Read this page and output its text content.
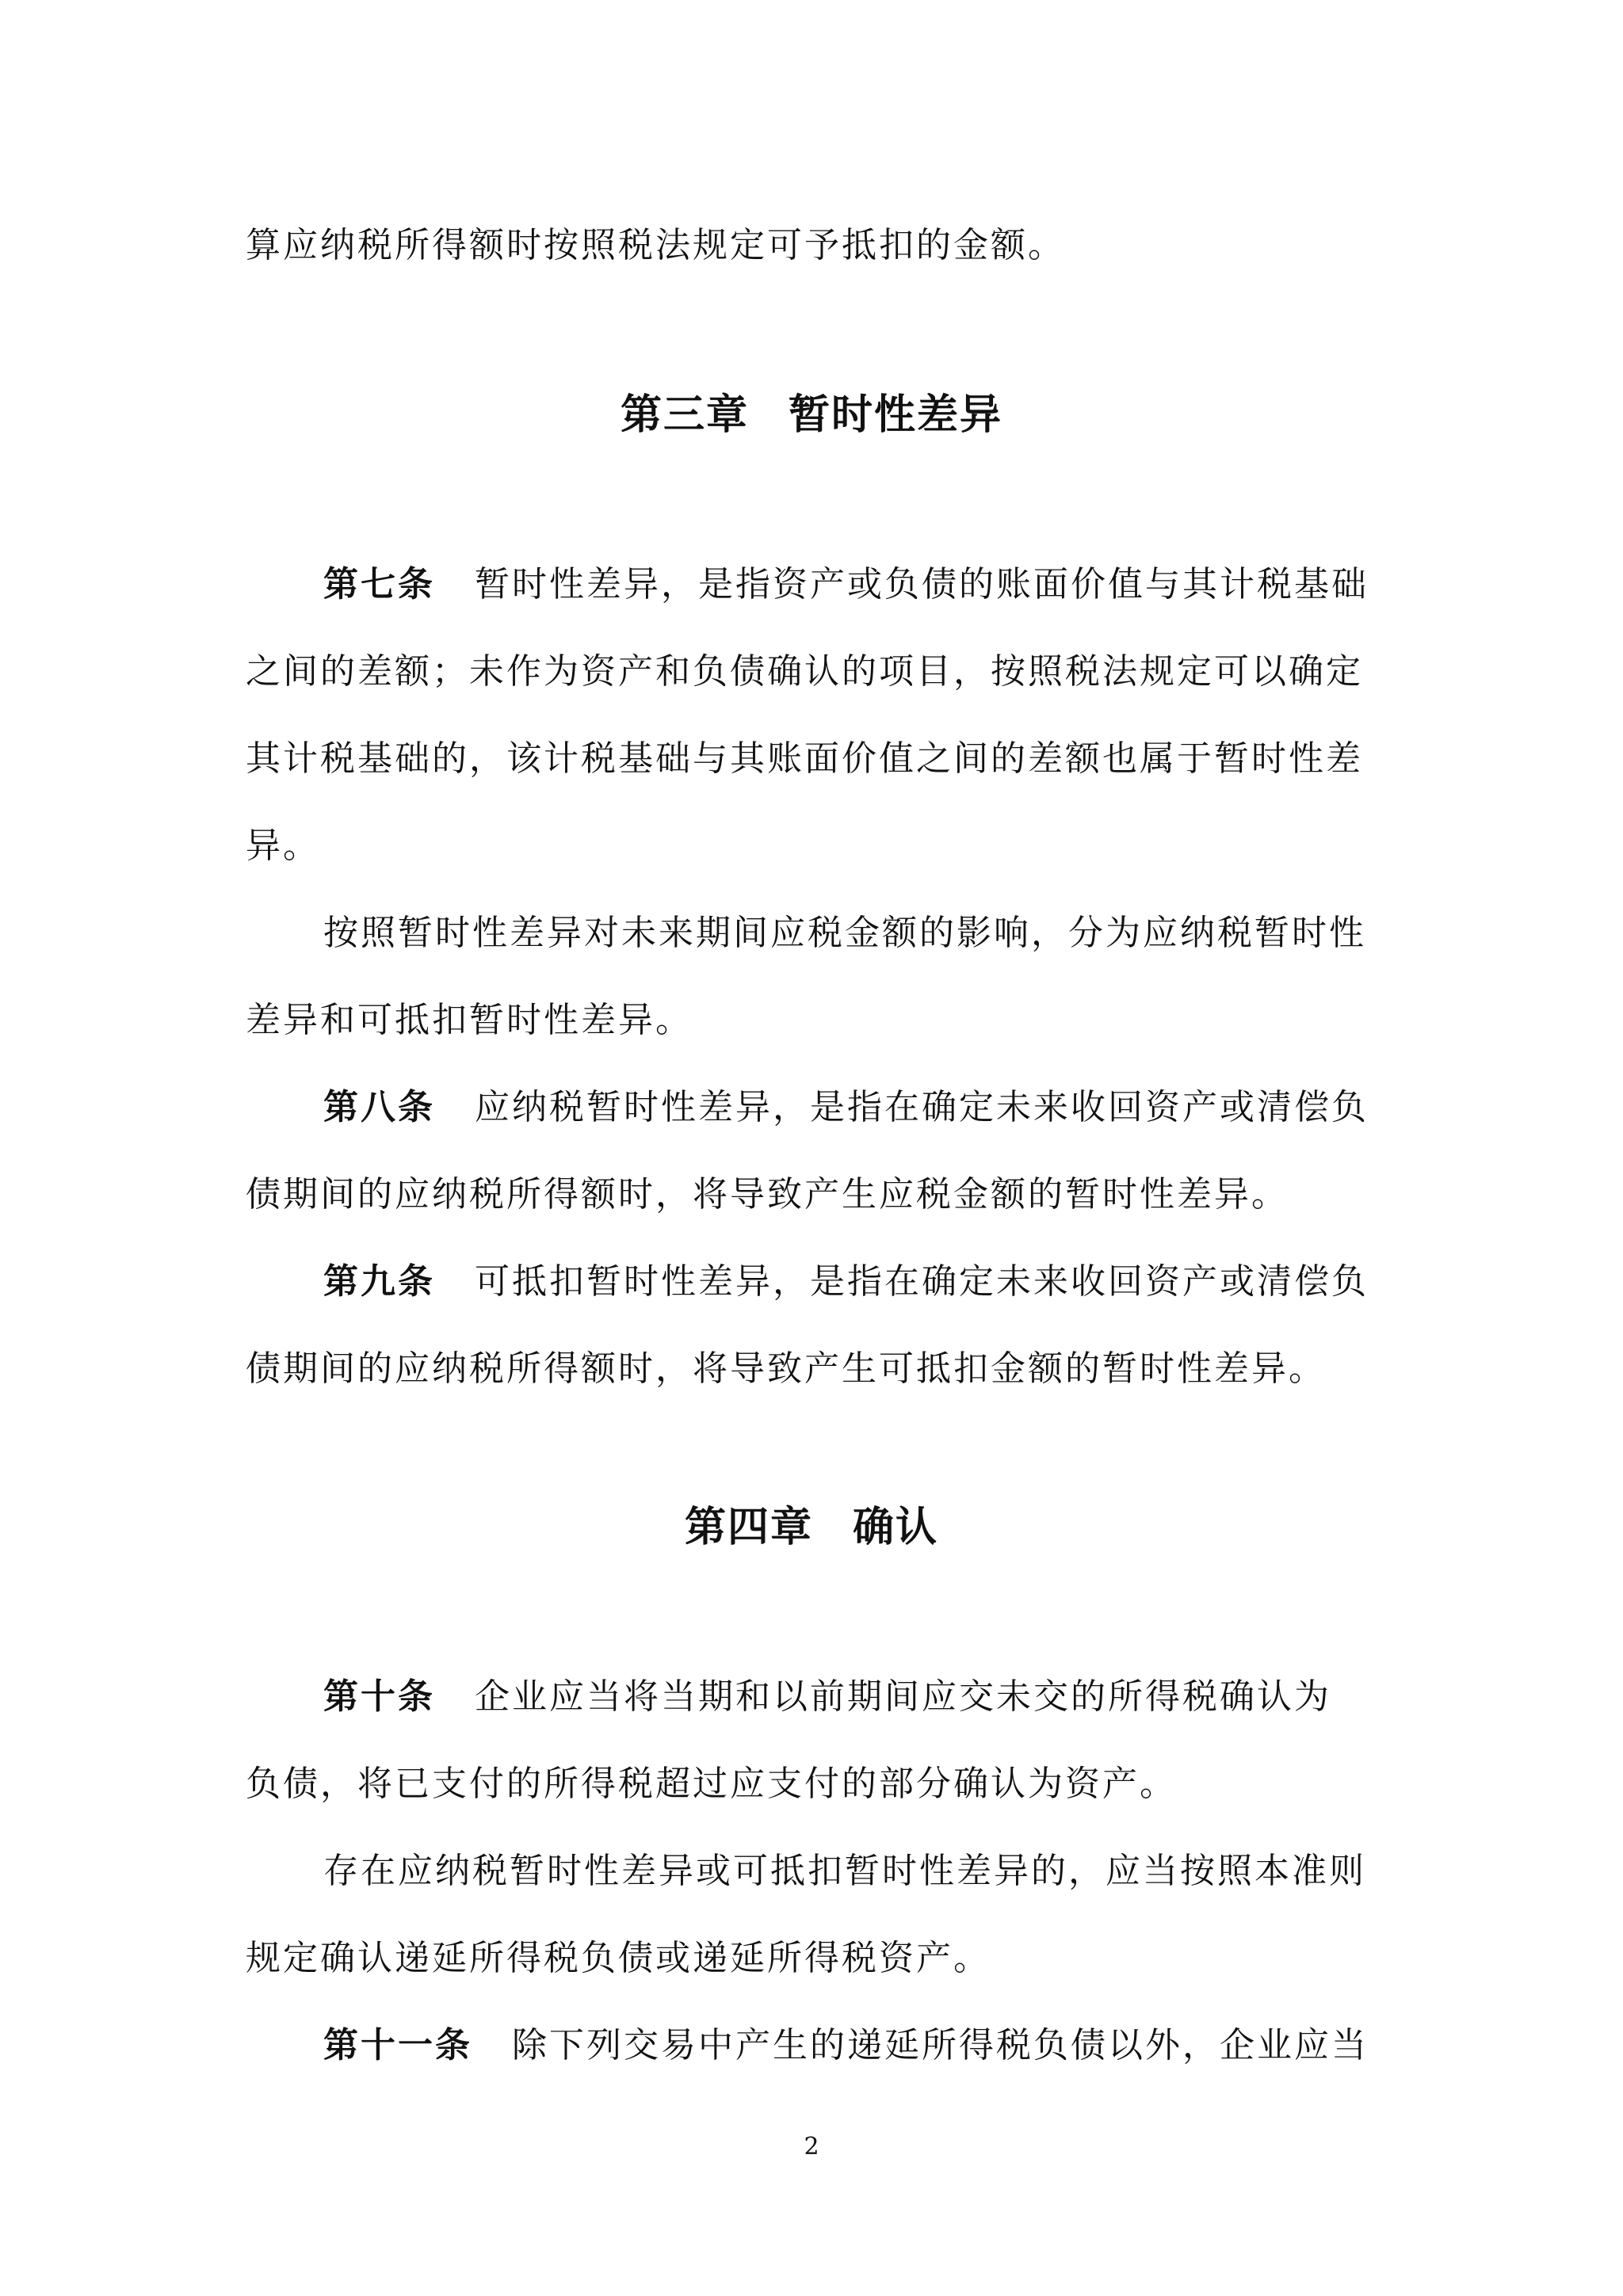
算应纳税所得额时按照税法规定可予抵扣的金额。
第三章 暂时性差异
第七条 暂时性差异，是指资产或负债的账面价值与其计税基础
之间的差额；未作为资产和负债确认的项目，按照税法规定可以确定
其计税基础的，该计税基础与其账面价值之间的差额也属于暂时性差
异。
按照暂时性差异对未来期间应税金额的影响，分为应纳税暂时性
差异和可抵扣暂时性差异。
第八条 应纳税暂时性差异，是指在确定未来收回资产或清偿负
债期间的应纳税所得额时，将导致产生应税金额的暂时性差异。
第九条 可抵扣暂时性差异，是指在确定未来收回资产或清偿负
债期间的应纳税所得额时，将导致产生可抵扣金额的暂时性差异。
第四章 确认
第十条 企业应当将当期和以前期间应交未交的所得税确认为
负债，将已支付的所得税超过应支付的部分确认为资产。
存在应纳税暂时性差异或可抵扣暂时性差异的，应当按照本准则
规定确认递延所得税负债或递延所得税资产。
第十一条 除下列交易中产生的递延所得税负债以外，企业应当
2
